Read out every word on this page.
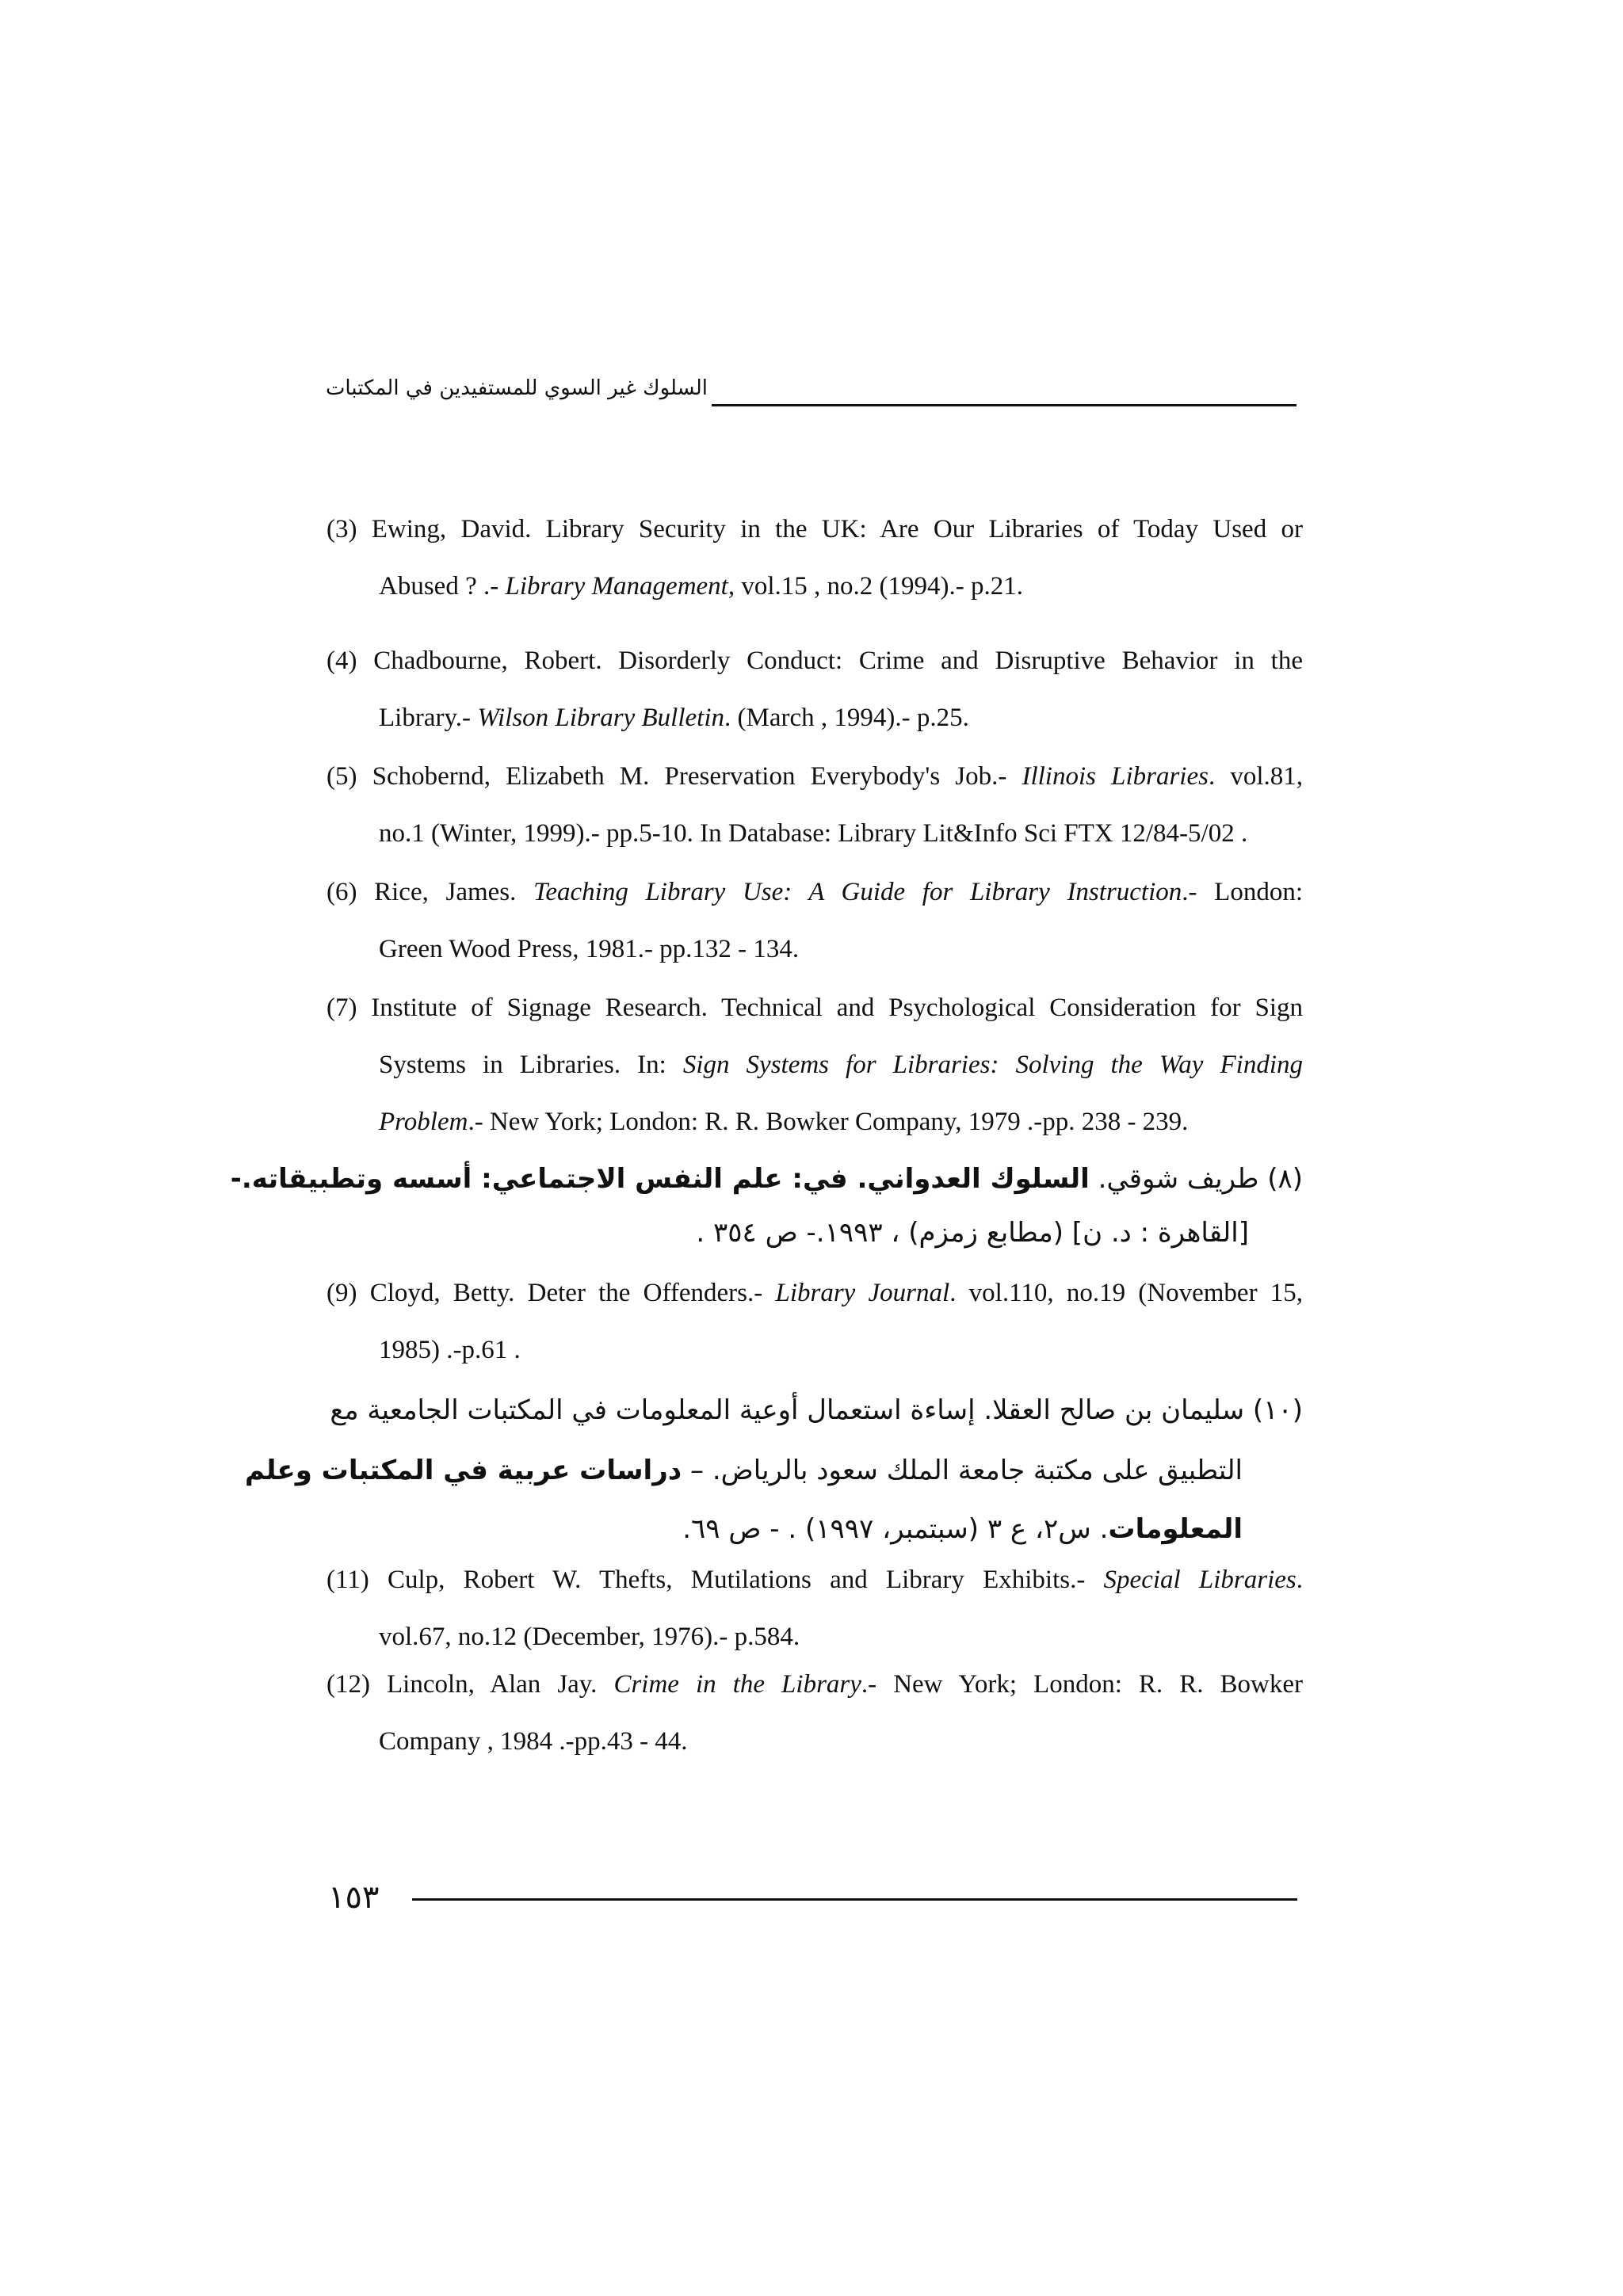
السلوك غير السوي للمستفيدين في المكتبات
(3) Ewing, David. Library Security in the UK: Are Our Libraries of Today Used or
Abused ? .- Library Management, vol.15 , no.2 (1994).- p.21.
(4) Chadbourne, Robert. Disorderly Conduct: Crime and Disruptive Behavior in the
Library.- Wilson Library Bulletin. (March , 1994).- p.25.
(5) Schobernd, Elizabeth M. Preservation Everybody's Job.- Illinois Libraries. vol.81,
no.1 (Winter, 1999).- pp.5-10. In Database: Library Lit&Info Sci FTX 12/84-5/02 .
(6) Rice, James. Teaching Library Use: A Guide for Library Instruction.- London:
Green Wood Press, 1981.- pp.132 - 134.
(7) Institute of Signage Research. Technical and Psychological Consideration for Sign
Systems in Libraries. In: Sign Systems for Libraries: Solving the Way Finding
Problem.- New York; London: R. R. Bowker Company, 1979 .-pp. 238 - 239.
(٨) طريف شوقي. السلوك العدواني. في: علم النفس الاجتماعي: أسسه وتطبيقاته.-
[القاهرة : د. ن] (مطابع زمزم) ، ١٩٩٣.- ص ٣٥٤ .
(9) Cloyd, Betty. Deter the Offenders.- Library Journal. vol.110, no.19 (November 15,
1985) .-p.61 .
(١٠) سليمان بن صالح العقلا. إساءة استعمال أوعية المعلومات في المكتبات الجامعية مع
التطبيق على مكتبة جامعة الملك سعود بالرياض. – دراسات عربية في المكتبات وعلم
المعلومات. س٢، ع ٣ (سبتمبر، ١٩٩٧) . - ص ٦٩.
(11) Culp, Robert W. Thefts, Mutilations and Library Exhibits.- Special Libraries.
vol.67, no.12 (December, 1976).- p.584.
(12) Lincoln, Alan Jay. Crime in the Library.- New York; London: R. R. Bowker
Company , 1984 .-pp.43 - 44.
١٥٣
